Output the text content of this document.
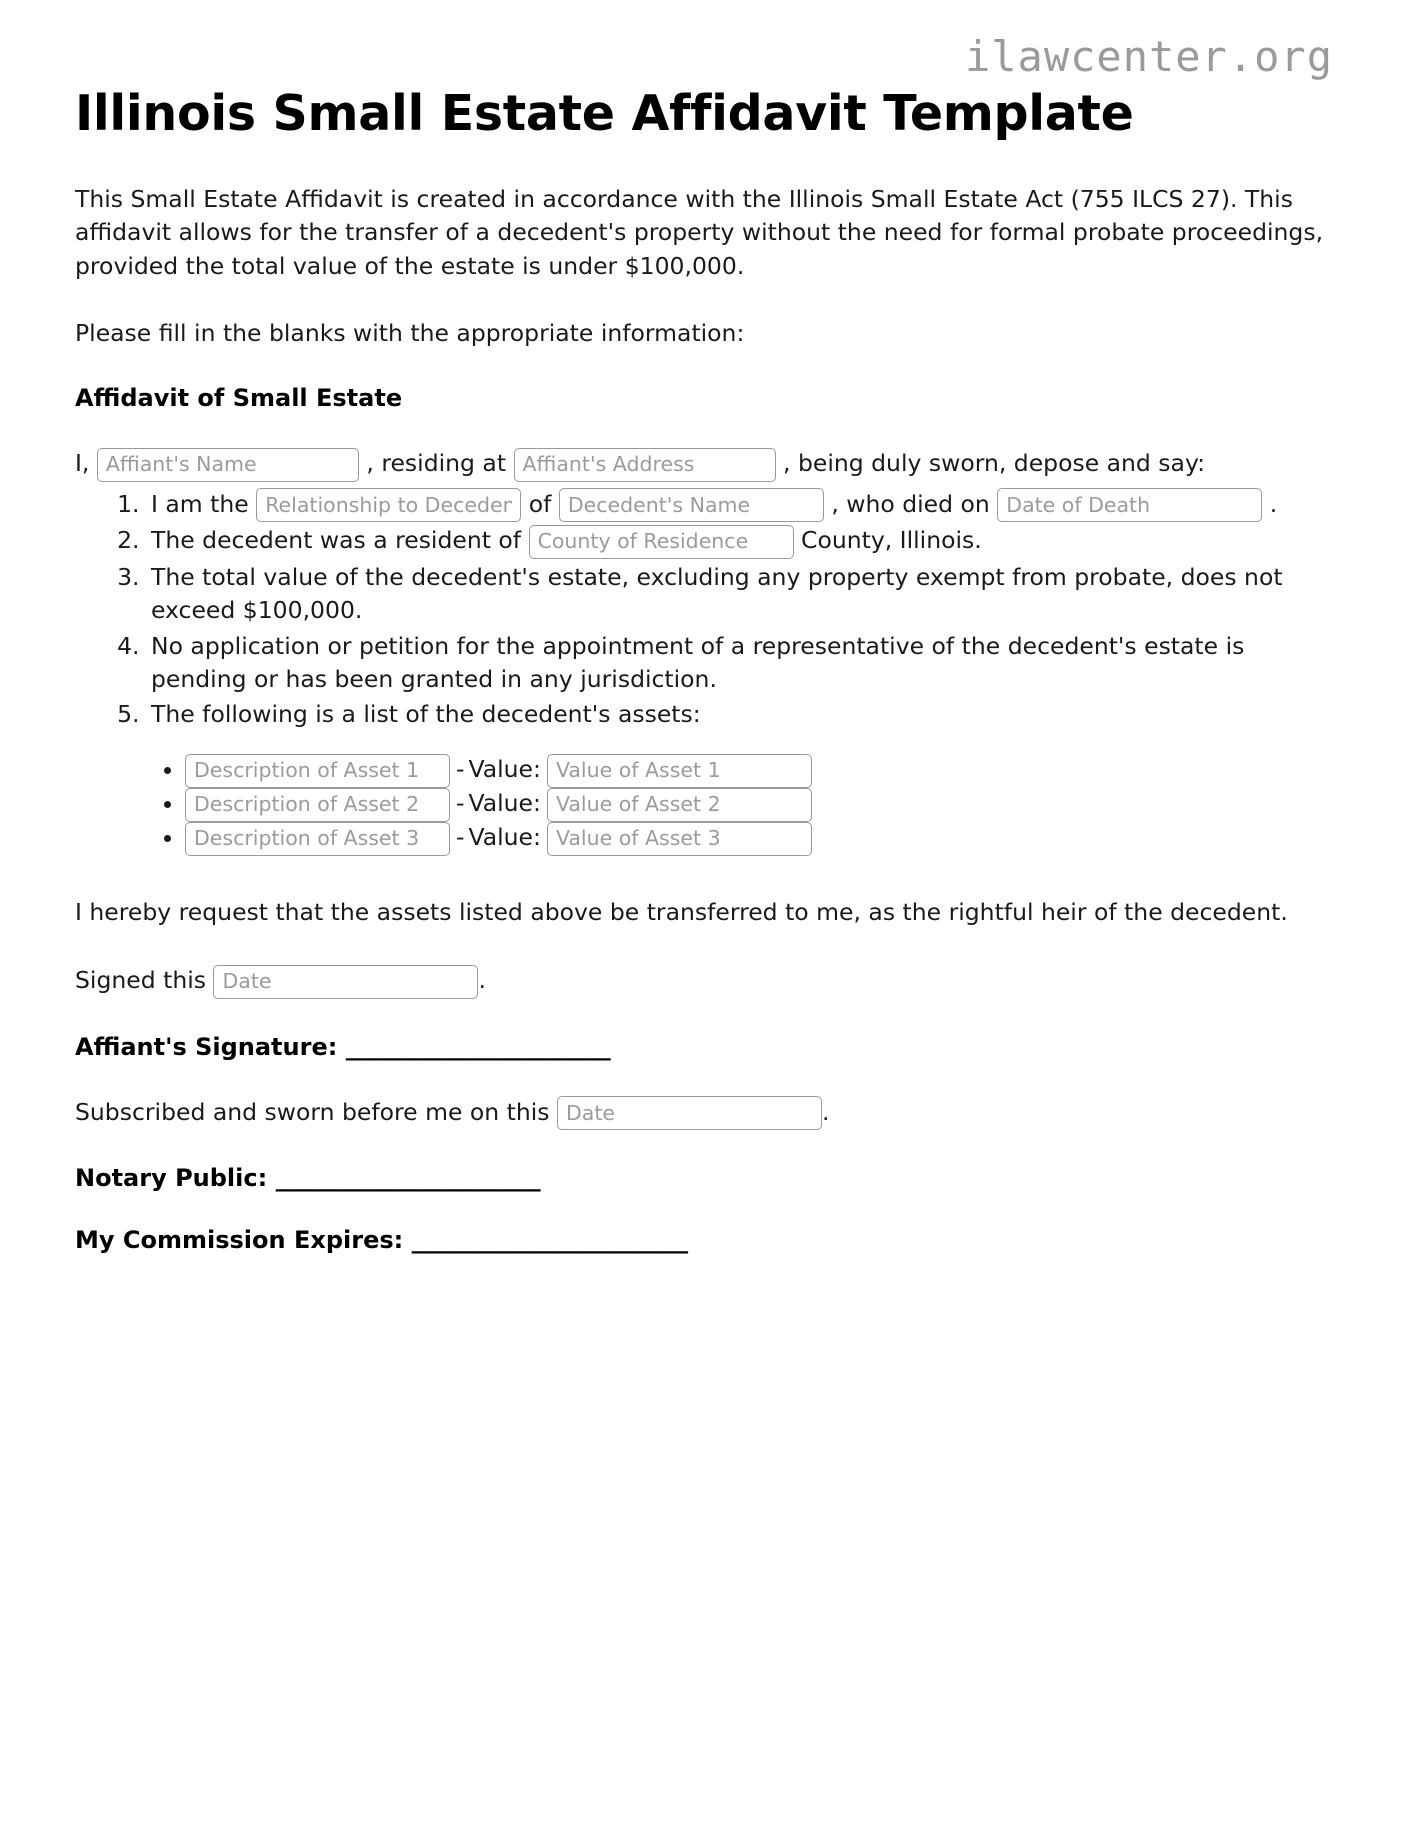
ilawcenter.org
Illinois Small Estate Affidavit Template

This Small Estate Affidavit is created in accordance with the Illinois Small Estate Act (755 ILCS 27). This affidavit allows for the transfer of a decedent's property without the need for formal probate proceedings, provided the total value of the estate is under $100,000.

Please fill in the blanks with the appropriate information:

Affidavit of Small Estate
I, Affiant's Name	, residing at Affiant's Address	, being duly sworn, depose and say:
1. I am the Relationship to Decedent	of Decedent's Name	, who died on Date of Death	.
2. The decedent was a resident of County of Residence	County, Illinois.
3. The total value of the decedent's estate, excluding any property exempt from probate, does not exceed $100,000.
4. No application or petition for the appointment of a representative of the decedent's estate is pending or has been granted in any jurisdiction.
5. The following is a list of the decedent's assets:
Description of Asset 1 • - Value:Value of Asset 1
Description of Asset 2 • - Value:Value of Asset 2
Description of Asset 3 • - Value:Value of Asset 3

I hereby request that the assets listed above be transferred to me, as the rightful heir of the decedent.

Signed this Date	.
Affiant's Signature: _______________________
Subscribed and sworn before me on this Date	.
Notary Public: _______________________
My Commission Expires: ________________________
